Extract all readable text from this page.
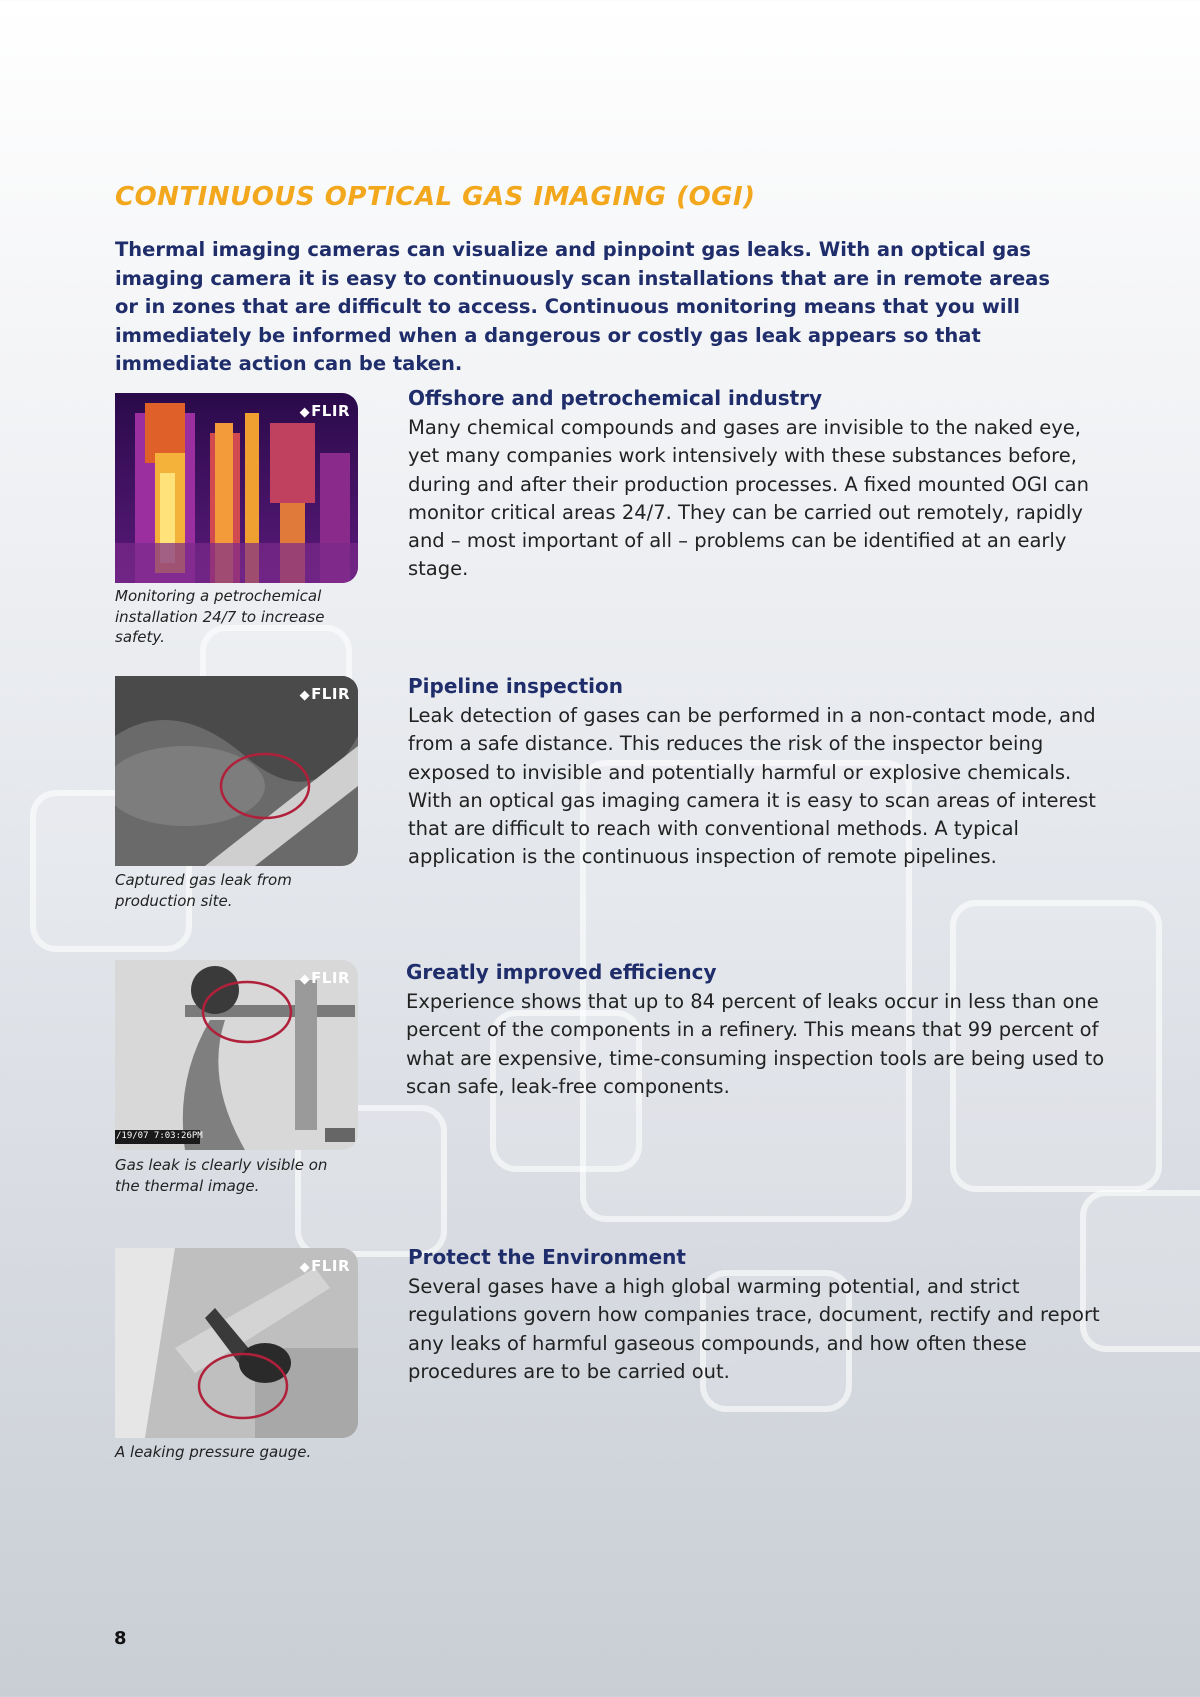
CONTINUOUS OPTICAL GAS IMAGING (OGI)

Thermal imaging cameras can visualize and pinpoint gas leaks. With an optical gas imaging camera it is easy to continuously scan installations that are in remote areas or in zones that are difficult to access. Continuous monitoring means that you will immediately be informed when a dangerous or costly gas leak appears so that immediate action can be taken.

◆FLIR

Monitoring a petrochemical installation 24/7 to increase safety.

Offshore and petrochemical industry

Many chemical compounds and gases are invisible to the naked eye, yet many companies work intensively with these substances before, during and after their production processes. A fixed mounted OGI can monitor critical areas 24/7. They can be carried out remotely, rapidly and – most important of all – problems can be identified at an early stage.

◆FLIR

Captured gas leak from production site.

Pipeline inspection

Leak detection of gases can be performed in a non-contact mode, and from a safe distance. This reduces the risk of the inspector being exposed to invisible and potentially harmful or explosive chemicals. With an optical gas imaging camera it is easy to scan areas of interest that are difficult to reach with conventional methods. A typical application is the continuous inspection of remote pipelines.

◆FLIR
/19/07 7:03:26PM

Gas leak is clearly visible on the thermal image.

Greatly improved efficiency

Experience shows that up to 84 percent of leaks occur in less than one percent of the components in a refinery. This means that 99 percent of what are expensive, time-consuming inspection tools are being used to scan safe, leak-free components.

◆FLIR

A leaking pressure gauge.

Protect the Environment

Several gases have a high global warming potential, and strict regulations govern how companies trace, document, rectify and report any leaks of harmful gaseous compounds, and how often these procedures are to be carried out.

8
